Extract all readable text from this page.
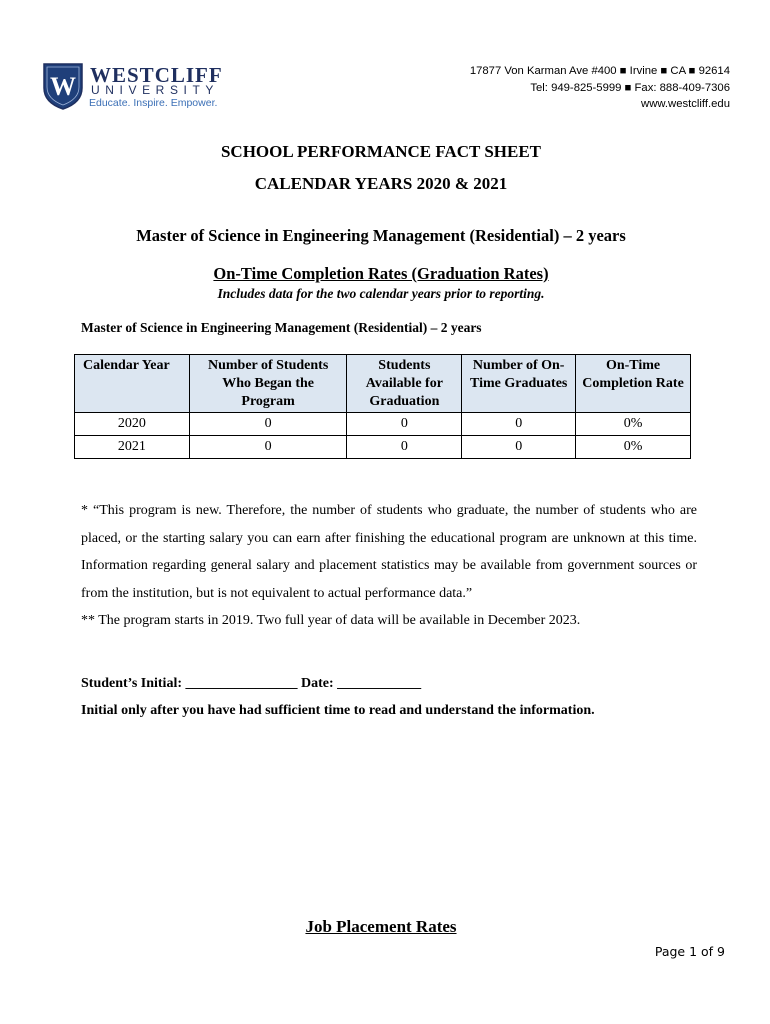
W WESTCLIFF
UNIVERSITY
Educate. Inspire. Empower.
17877 Von Karman Ave #400 ■ Irvine ■ CA ■ 92614
Tel: 949-825-5999 ■ Fax: 888-409-7306
www.westcliff.edu
SCHOOL PERFORMANCE FACT SHEET
CALENDAR YEARS 2020 & 2021
Master of Science in Engineering Management (Residential) – 2 years
On-Time Completion Rates (Graduation Rates)
Includes data for the two calendar years prior to reporting.
Master of Science in Engineering Management (Residential) – 2 years
Calendar Year	Number of Students Who Began the Program	Students Available for Graduation	Number of On-Time Graduates	On-Time Completion Rate
2020	0	0	0	0%
2021	0	0	0	0%

* “This program is new. Therefore, the number of students who graduate, the number of students who are placed, or the starting salary you can earn after finishing the educational program are unknown at this time. Information regarding general salary and placement statistics may be available from government sources or from the institution, but is not equivalent to actual performance data.”

** The program starts in 2019. Two full year of data will be available in December 2023.

Student’s Initial: ________________ Date: ____________
Initial only after you have had sufficient time to read and understand the information.
Job Placement Rates
Page 1 of 9
